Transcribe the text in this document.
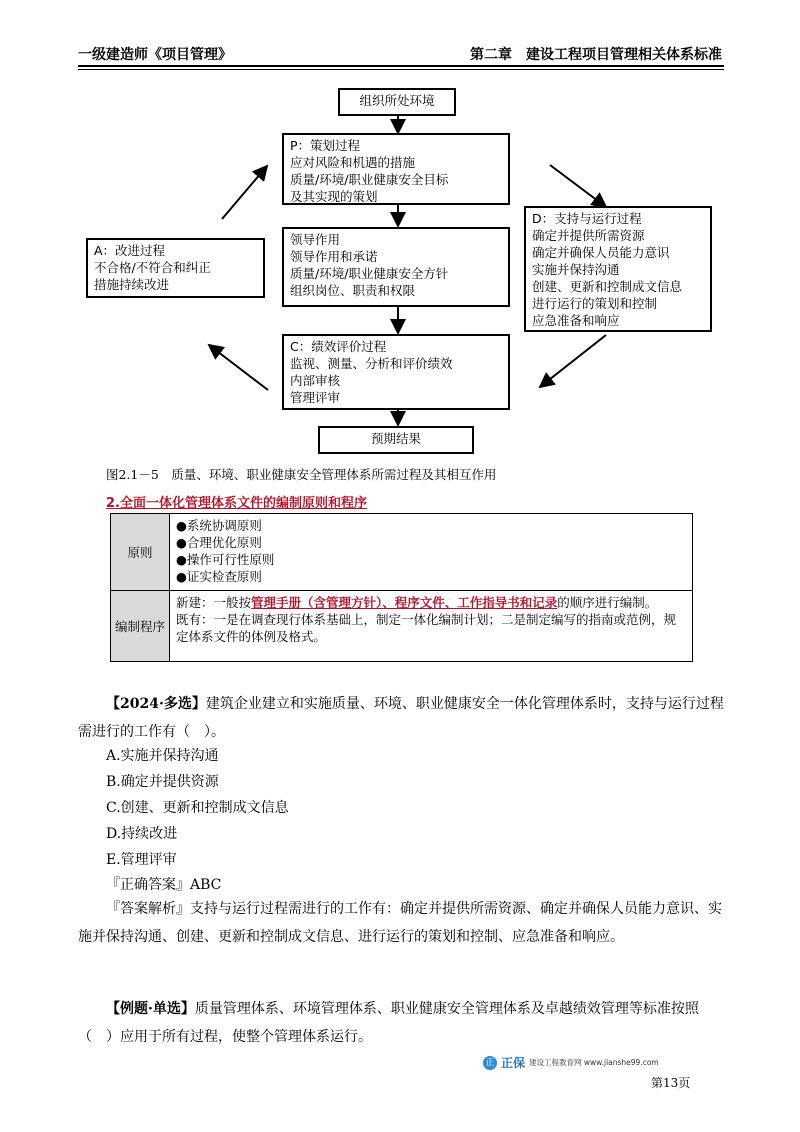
一级建造师《项目管理》	第二章　建设工程项目管理相关体系标准
组织所处环境
P：策划过程
应对风险和机遇的措施
质量/环境/职业健康安全目标
及其实现的策划
领导作用
领导作用和承诺
质量/环境/职业健康安全方针
组织岗位、职责和权限
C：绩效评价过程
监视、测量、分析和评价绩效
内部审核
管理评审
预期结果
A：改进过程
不合格/不符合和纠正
措施持续改进
D：支持与运行过程
确定并提供所需资源
确定并确保人员能力意识
实施并保持沟通
创建、更新和控制成文信息
进行运行的策划和控制
应急准备和响应
图2.1－5　质量、环境、职业健康安全管理体系所需过程及其相互作用
2.全面一体化管理体系文件的编制原则和程序
原则	●系统协调原则
●合理优化原则
●操作可行性原则
●证实检查原则

编制程序	新建：一般按管理手册（含管理方针）、程序文件、工作指导书和记录的顺序进行编制。
既有：一是在调查现行体系基础上，制定一体化编制计划；二是制定编写的指南或范例，规定体系文件的体例及格式。
【2024·多选】建筑企业建立和实施质量、环境、职业健康安全一体化管理体系时，支持与运行过程需进行的工作有（　）。
A.实施并保持沟通
B.确定并提供资源
C.创建、更新和控制成文信息
D.持续改进
E.管理评审
『正确答案』ABC
『答案解析』支持与运行过程需进行的工作有：确定并提供所需资源、确定并确保人员能力意识、实施并保持沟通、创建、更新和控制成文信息、进行运行的策划和控制、应急准备和响应。
【例题·单选】质量管理体系、环境管理体系、职业健康安全管理体系及卓越绩效管理等标准按照（　）应用于所有过程，使整个管理体系运行。
正 正保 建设工程教育网 www.jianshe99.com
第13页
